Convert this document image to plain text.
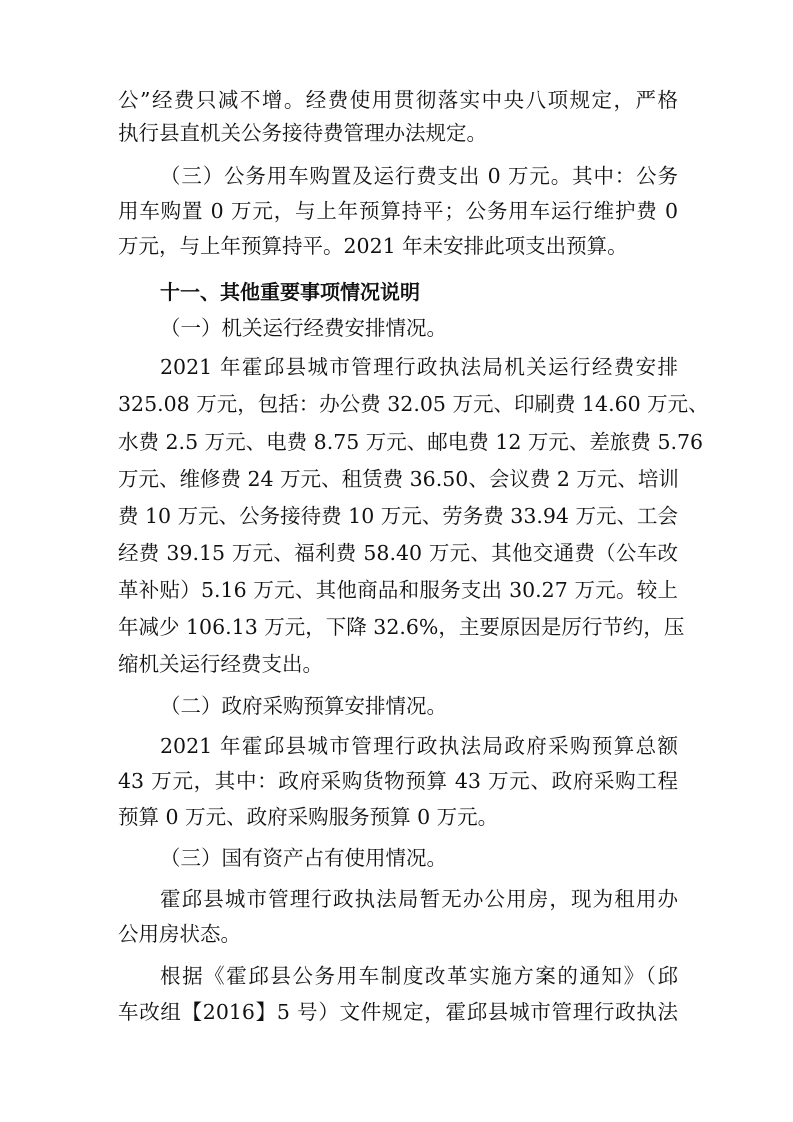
公”经费只减不增。经费使用贯彻落实中央八项规定，严格
执行县直机关公务接待费管理办法规定。
（三）公务用车购置及运行费支出 0 万元。其中：公务
用车购置 0 万元，与上年预算持平；公务用车运行维护费 0
万元，与上年预算持平。2021 年未安排此项支出预算。
十一、其他重要事项情况说明
（一）机关运行经费安排情况。
2021 年霍邱县城市管理行政执法局机关运行经费安排
325.08 万元，包括：办公费 32.05 万元、印刷费 14.60 万元、
水费 2.5 万元、电费 8.75 万元、邮电费 12 万元、差旅费 5.76
万元、维修费 24 万元、租赁费 36.50、会议费 2 万元、培训
费 10 万元、公务接待费 10 万元、劳务费 33.94 万元、工会
经费 39.15 万元、福利费 58.40 万元、其他交通费（公车改
革补贴）5.16 万元、其他商品和服务支出 30.27 万元。较上
年减少 106.13 万元，下降 32.6%，主要原因是厉行节约，压
缩机关运行经费支出。
（二）政府采购预算安排情况。
2021 年霍邱县城市管理行政执法局政府采购预算总额
43 万元，其中：政府采购货物预算 43 万元、政府采购工程
预算 0 万元、政府采购服务预算 0 万元。
（三）国有资产占有使用情况。
霍邱县城市管理行政执法局暂无办公用房，现为租用办
公用房状态。
根据《霍邱县公务用车制度改革实施方案的通知》（邱
车改组【2016】5 号）文件规定，霍邱县城市管理行政执法
